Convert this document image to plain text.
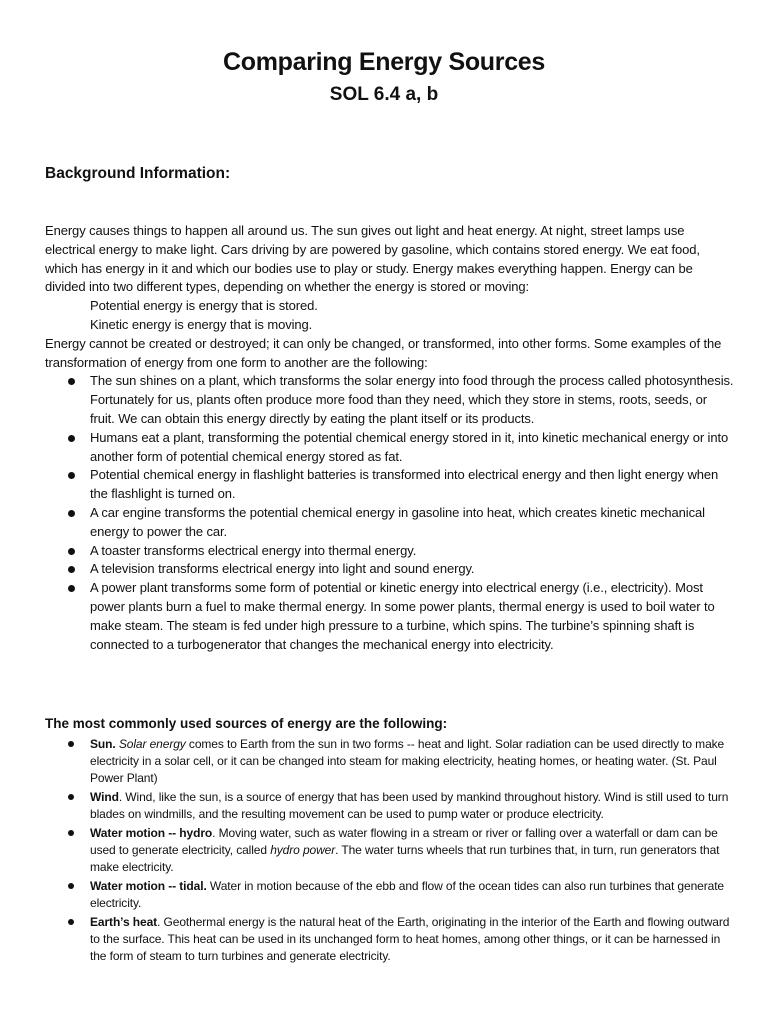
Comparing Energy Sources
SOL 6.4 a, b
Background Information:

Energy causes things to happen all around us. The sun gives out light and heat energy. At night, street lamps use electrical energy to make light. Cars driving by are powered by gasoline, which contains stored energy. We eat food, which has energy in it and which our bodies use to play or study. Energy makes everything happen. Energy can be divided into two different types, depending on whether the energy is stored or moving:

Potential energy is energy that is stored.

Kinetic energy is energy that is moving.

Energy cannot be created or destroyed; it can only be changed, or transformed, into other forms. Some examples of the transformation of energy from one form to another are the following:

The sun shines on a plant, which transforms the solar energy into food through the process called photosynthesis. Fortunately for us, plants often produce more food than they need, which they store in stems, roots, seeds, or fruit. We can obtain this energy directly by eating the plant itself or its products.
Humans eat a plant, transforming the potential chemical energy stored in it, into kinetic mechanical energy or into another form of potential chemical energy stored as fat.
Potential chemical energy in flashlight batteries is transformed into electrical energy and then light energy when the flashlight is turned on.
A car engine transforms the potential chemical energy in gasoline into heat, which creates kinetic mechanical energy to power the car.
A toaster transforms electrical energy into thermal energy.
A television transforms electrical energy into light and sound energy.
A power plant transforms some form of potential or kinetic energy into electrical energy (i.e., electricity). Most power plants burn a fuel to make thermal energy. In some power plants, thermal energy is used to boil water to make steam. The steam is fed under high pressure to a turbine, which spins. The turbine’s spinning shaft is connected to a turbogenerator that changes the mechanical energy into electricity.
The most commonly used sources of energy are the following:
Sun. Solar energy comes to Earth from the sun in two forms -- heat and light. Solar radiation can be used directly to make electricity in a solar cell, or it can be changed into steam for making electricity, heating homes, or heating water. (St. Paul Power Plant)
Wind. Wind, like the sun, is a source of energy that has been used by mankind throughout history. Wind is still used to turn blades on windmills, and the resulting movement can be used to pump water or produce electricity.
Water motion -- hydro. Moving water, such as water flowing in a stream or river or falling over a waterfall or dam can be used to generate electricity, called hydro power. The water turns wheels that run turbines that, in turn, run generators that make electricity.
Water motion -- tidal. Water in motion because of the ebb and flow of the ocean tides can also run turbines that generate electricity.
Earth’s heat. Geothermal energy is the natural heat of the Earth, originating in the interior of the Earth and flowing outward to the surface. This heat can be used in its unchanged form to heat homes, among other things, or it can be harnessed in the form of steam to turn turbines and generate electricity.
